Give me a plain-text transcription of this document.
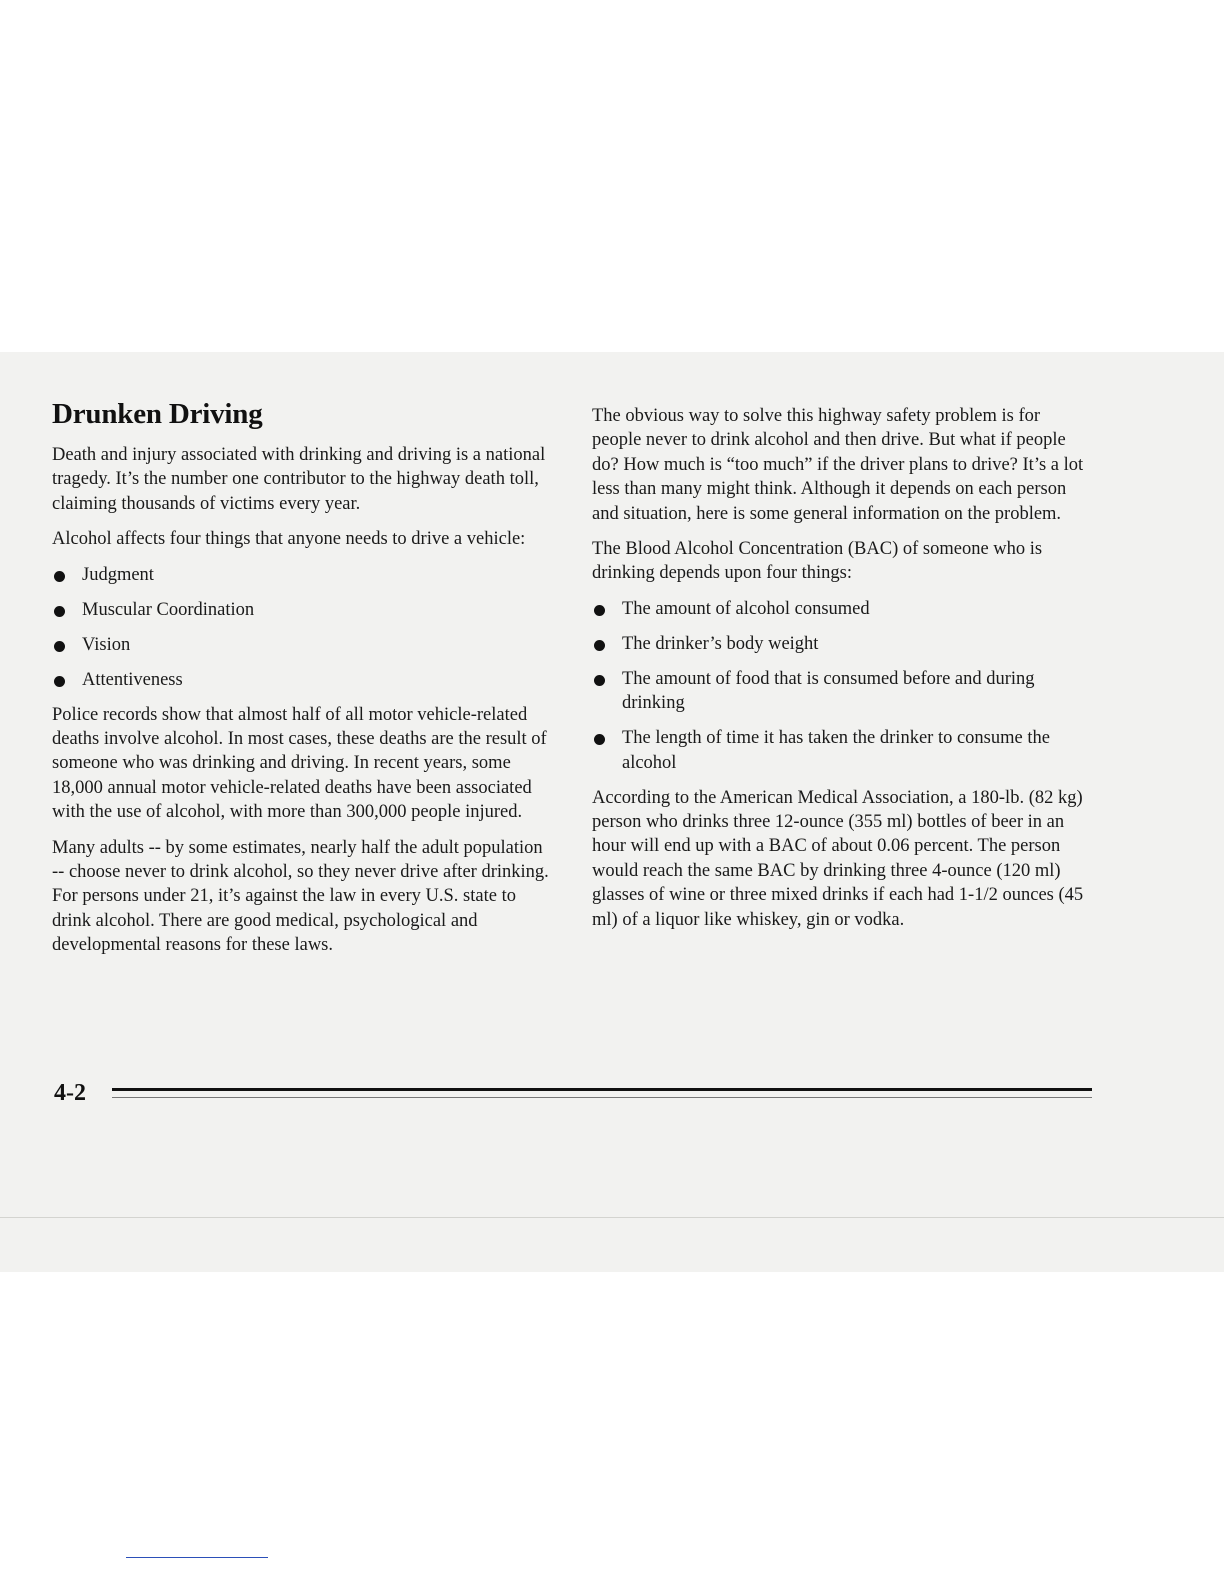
Drunken Driving

Death and injury associated with drinking and driving is a national tragedy. It’s the number one contributor to the highway death toll, claiming thousands of victims every year.

Alcohol affects four things that anyone needs to drive a vehicle:

Judgment
Muscular Coordination
Vision
Attentiveness

Police records show that almost half of all motor vehicle-related deaths involve alcohol. In most cases, these deaths are the result of someone who was drinking and driving. In recent years, some 18,000 annual motor vehicle-related deaths have been associated with the use of alcohol, with more than 300,000 people injured.

Many adults -- by some estimates, nearly half the adult population -- choose never to drink alcohol, so they never drive after drinking. For persons under 21, it’s against the law in every U.S. state to drink alcohol. There are good medical, psychological and developmental reasons for these laws.

The obvious way to solve this highway safety problem is for people never to drink alcohol and then drive. But what if people do? How much is “too much” if the driver plans to drive? It’s a lot less than many might think. Although it depends on each person and situation, here is some general information on the problem.

The Blood Alcohol Concentration (BAC) of someone who is drinking depends upon four things:

The amount of alcohol consumed
The drinker’s body weight
The amount of food that is consumed before and during drinking
The length of time it has taken the drinker to consume the alcohol

According to the American Medical Association, a 180-lb. (82 kg) person who drinks three 12-ounce (355 ml) bottles of beer in an hour will end up with a BAC of about 0.06 percent. The person would reach the same BAC by drinking three 4-ounce (120 ml) glasses of wine or three mixed drinks if each had 1-1/2 ounces (45 ml) of a liquor like whiskey, gin or vodka.

4-2
